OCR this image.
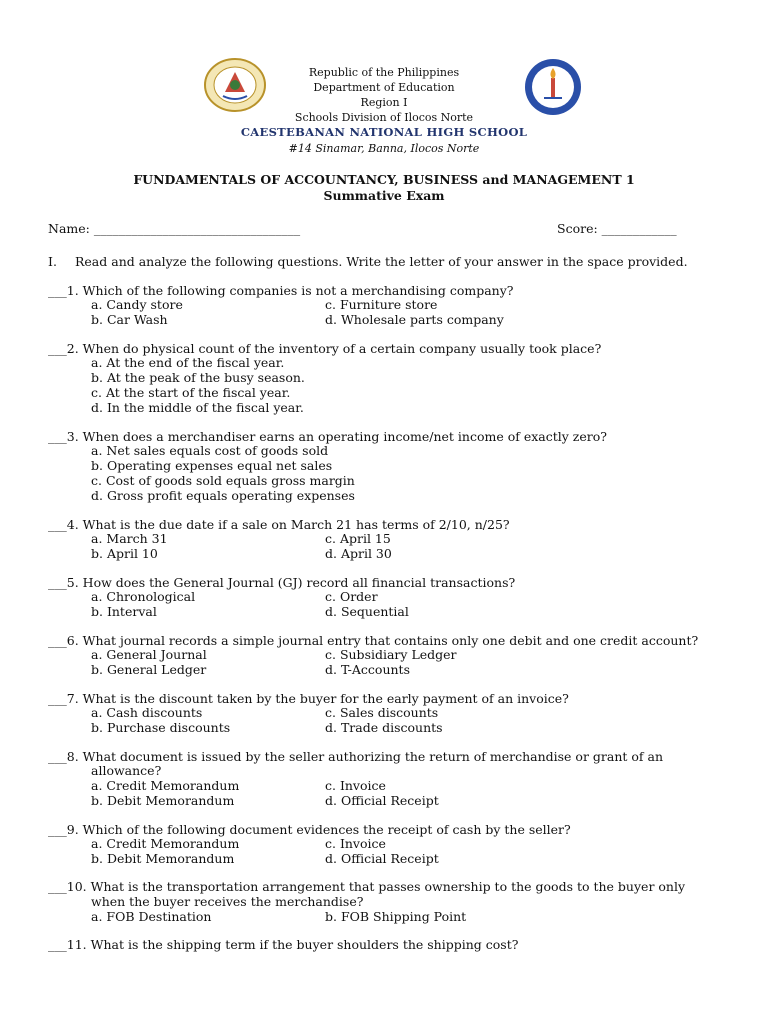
Republic of the Philippines
Department of Education
Region I
Schools Division of Ilocos Norte
CAESTEBANAN NATIONAL HIGH SCHOOL
#14 Sinamar, Banna, Ilocos Norte
FUNDAMENTALS OF ACCOUNTANCY, BUSINESS and MANAGEMENT 1
Summative Exam
Name: _________________________________	Score: ____________
I. Read and analyze the following questions. Write the letter of your answer in the space provided.
___1. Which of the following companies is not a merchandising company?
a. Candy store	c. Furniture store
b. Car Wash	d. Wholesale parts company
___2. When do physical count of the inventory of a certain company usually took place?
a. At the end of the fiscal year.
b. At the peak of the busy season.
c. At the start of the fiscal year.
d. In the middle of the fiscal year.
___3. When does a merchandiser earns an operating income/net income of exactly zero?
a. Net sales equals cost of goods sold
b. Operating expenses equal net sales
c. Cost of goods sold equals gross margin
d. Gross profit equals operating expenses
___4. What is the due date if a sale on March 21 has terms of 2/10, n/25?
a. March 31	c. April 15
b. April 10	d. April 30
___5. How does the General Journal (GJ) record all financial transactions?
a. Chronological	c. Order
b. Interval	d. Sequential
___6. What journal records a simple journal entry that contains only one debit and one credit account?
a. General Journal	c. Subsidiary Ledger
b. General Ledger	d. T-Accounts
___7. What is the discount taken by the buyer for the early payment of an invoice?
a. Cash discounts	c. Sales discounts
b. Purchase discounts	d. Trade discounts
___8. What document is issued by the seller authorizing the return of merchandise or grant of an
allowance?
a. Credit Memorandum	c. Invoice
b. Debit Memorandum	d. Official Receipt
___9. Which of the following document evidences the receipt of cash by the seller?
a. Credit Memorandum	c. Invoice
b. Debit Memorandum	d. Official Receipt
___10. What is the transportation arrangement that passes ownership to the goods to the buyer only
when the buyer receives the merchandise?
a. FOB Destination	b. FOB Shipping Point
___11. What is the shipping term if the buyer shoulders the shipping cost?
